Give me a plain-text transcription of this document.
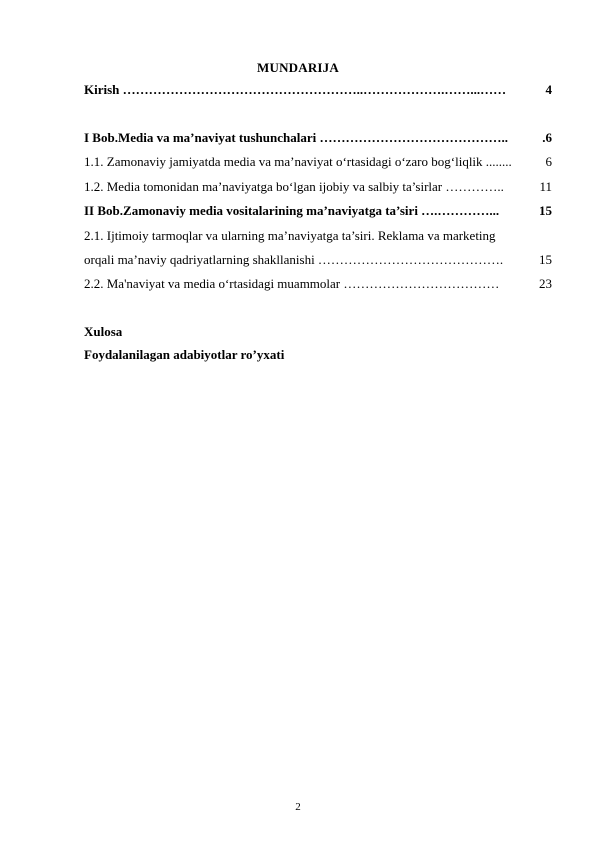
MUNDARIJA
Kirish ………………………………………………..……………….……...……	4
I Bob.Media va ma’naviyat tushunchalari ……………………………………..	.6
1.1. Zamonaviy jamiyatda media va ma’naviyat o‘rtasidagi o‘zaro bog‘liqlik ........	6
1.2. Media tomonidan ma’naviyatga bo‘lgan ijobiy va salbiy ta’sirlar …………..	11
II Bob.Zamonaviy media vositalarining ma’naviyatga ta’siri ….…………...	15
2.1. Ijtimoiy tarmoqlar va ularning ma’naviyatga ta’siri. Reklama va marketing
orqali ma’naviy qadriyatlarning shakllanishi …………………………………….	15
2.2. Ma'naviyat va media o‘rtasidagi muammolar ………………………………	23
Xulosa
Foydalanilagan adabiyotlar ro’yxati
2
